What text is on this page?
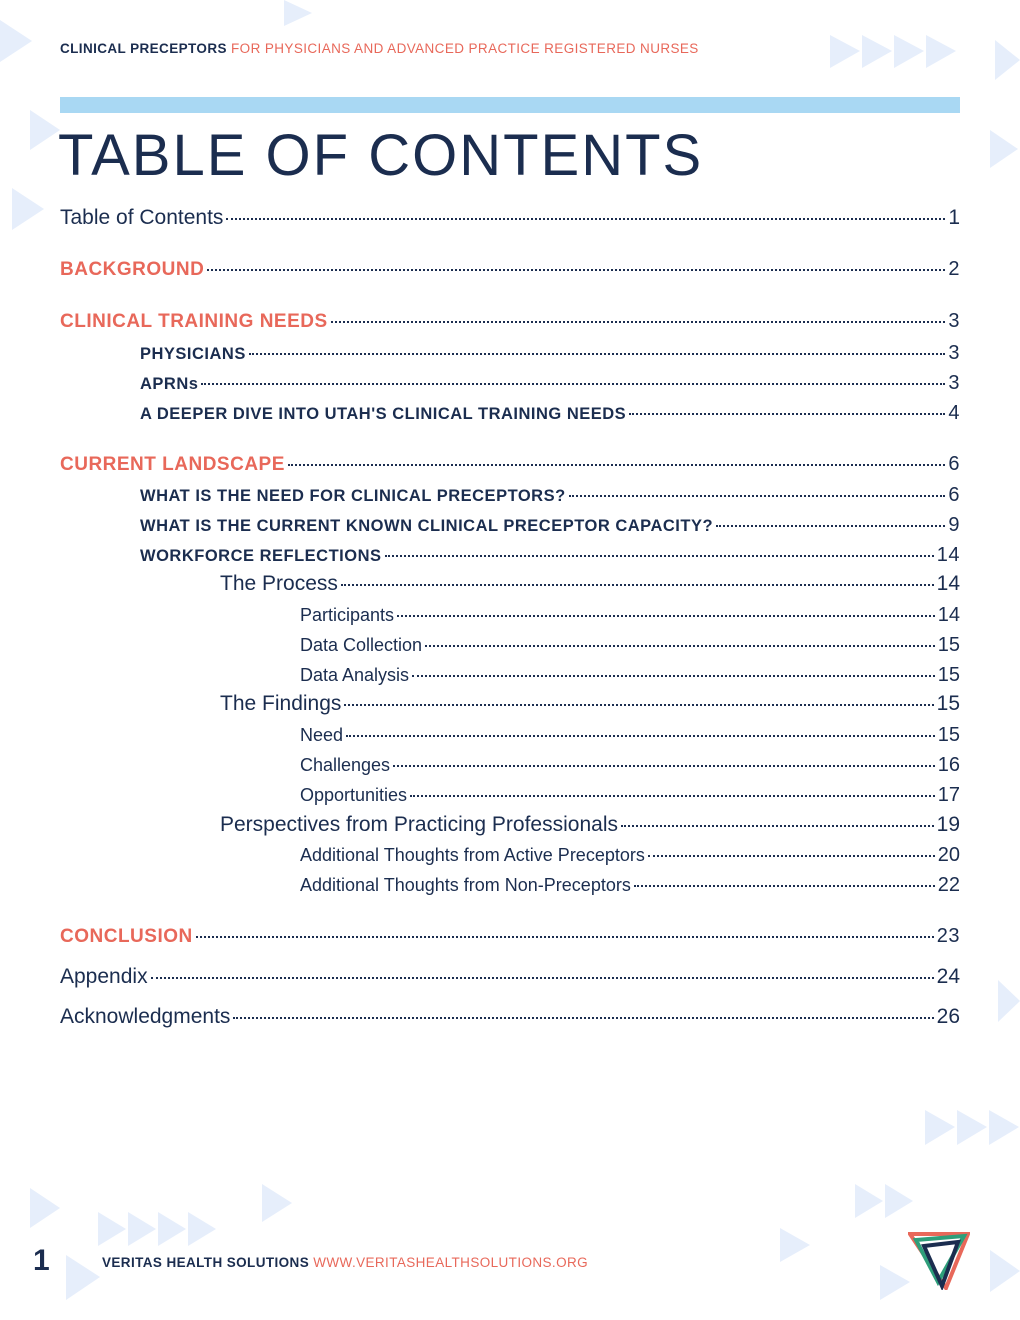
CLINICAL PRECEPTORS FOR PHYSICIANS AND ADVANCED PRACTICE REGISTERED NURSES
TABLE OF CONTENTS
Table of Contents	1
BACKGROUND	2
CLINICAL TRAINING NEEDS	3
PHYSICIANS	3
APRNs	3
A DEEPER DIVE INTO UTAH'S CLINICAL TRAINING NEEDS	4
CURRENT LANDSCAPE	6
WHAT IS THE NEED FOR CLINICAL PRECEPTORS?	6
WHAT IS THE CURRENT KNOWN CLINICAL PRECEPTOR CAPACITY?	9
WORKFORCE REFLECTIONS	14
The Process	14
Participants	14
Data Collection	15
Data Analysis	15
The Findings	15
Need	15
Challenges	16
Opportunities	17
Perspectives from Practicing Professionals	19
Additional Thoughts from Active Preceptors	20
Additional Thoughts from Non-Preceptors	22
CONCLUSION	23
Appendix	24
Acknowledgments	26
1	VERITAS HEALTH SOLUTIONS WWW.VERITASHEALTHSOLUTIONS.ORG
